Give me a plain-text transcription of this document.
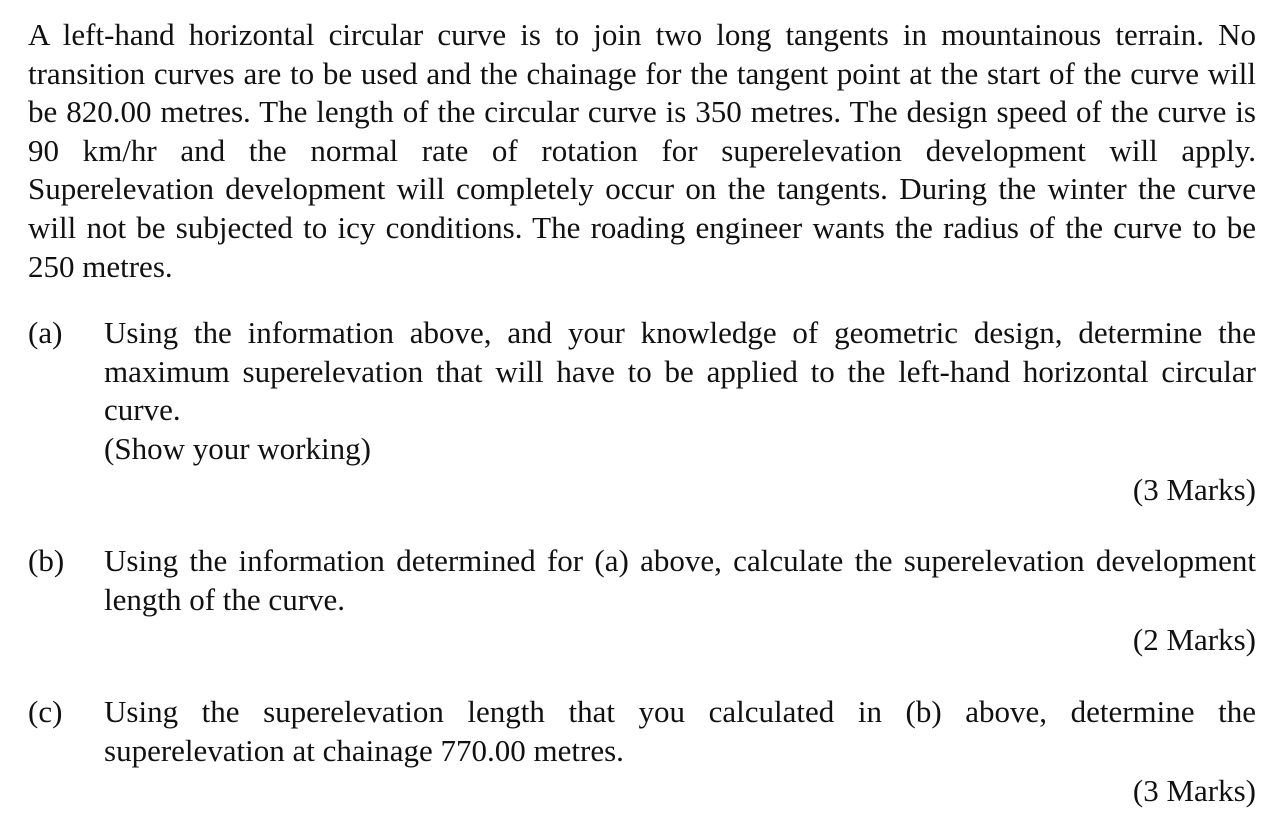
A left-hand horizontal circular curve is to join two long tangents in mountainous terrain. No transition curves are to be used and the chainage for the tangent point at the start of the curve will be 820.00 metres. The length of the circular curve is 350 metres. The design speed of the curve is 90 km/hr and the normal rate of rotation for superelevation development will apply. Superelevation development will completely occur on the tangents. During the winter the curve will not be subjected to icy conditions. The roading engineer wants the radius of the curve to be 250 metres.

(a) Using the information above, and your knowledge of geometric design, determine the maximum superelevation that will have to be applied to the left-hand horizontal circular curve.

(Show your working)

(3 Marks)

(b) Using the information determined for (a) above, calculate the superelevation development length of the curve.

(2 Marks)

(c) Using the superelevation length that you calculated in (b) above, determine the superelevation at chainage 770.00 metres.

(3 Marks)
